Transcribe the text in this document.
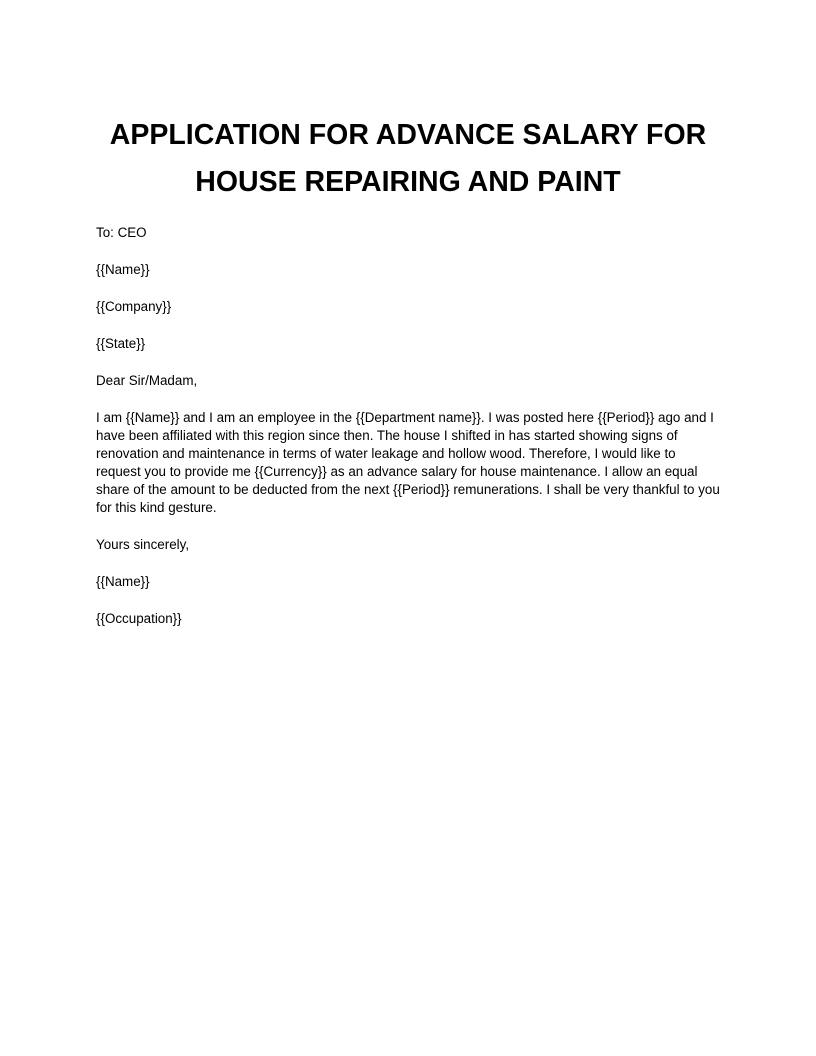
APPLICATION FOR ADVANCE SALARY FOR
HOUSE REPAIRING AND PAINT

To: CEO

{{Name}}

{{Company}}

{{State}}

Dear Sir/Madam,

I am {{Name}} and I am an employee in the {{Department name}}. I was posted here {{Period}} ago and I have been affiliated with this region since then. The house I shifted in has started showing signs of renovation and maintenance in terms of water leakage and hollow wood. Therefore, I would like to request you to provide me {{Currency}} as an advance salary for house maintenance. I allow an equal share of the amount to be deducted from the next {{Period}} remunerations. I shall be very thankful to you for this kind gesture.

Yours sincerely,

{{Name}}

{{Occupation}}
